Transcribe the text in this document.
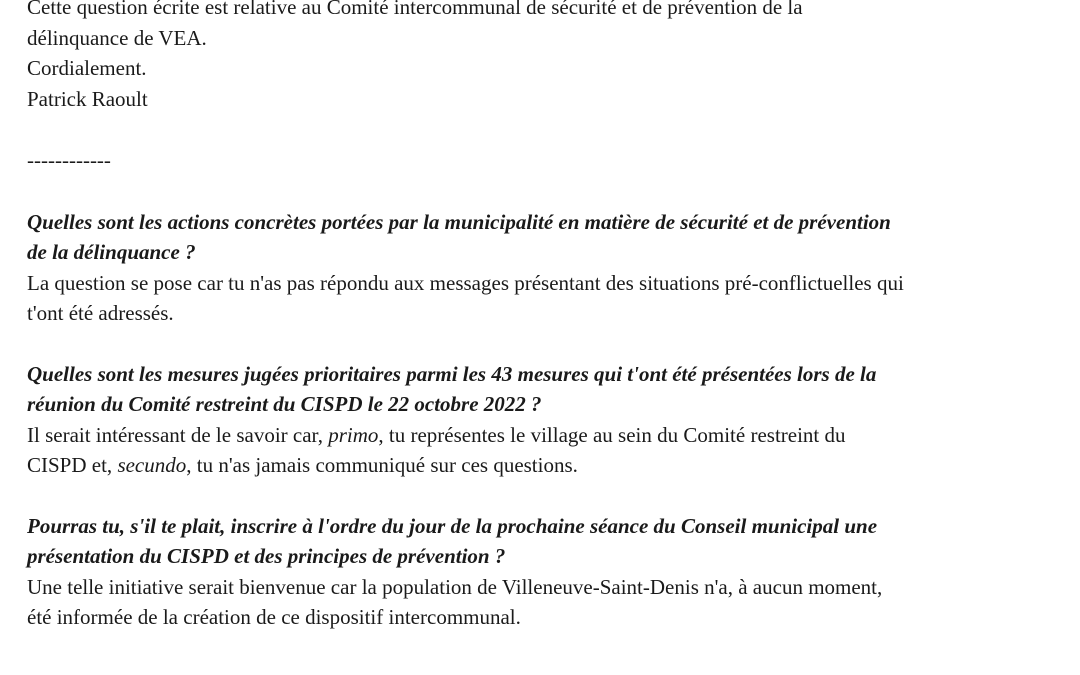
Cette question écrite est relative au Comité intercommunal de sécurité et de prévention de la
délinquance de VEA.
Cordialement.
Patrick Raoult
------------
Quelles sont les actions concrètes portées par la municipalité en matière de sécurité et de prévention
de la délinquance ?
La question se pose car tu n'as pas répondu aux messages présentant des situations pré-conflictuelles qui
t'ont été adressés.
Quelles sont les mesures jugées prioritaires parmi les 43 mesures qui t'ont été présentées lors de la
réunion du Comité restreint du CISPD le 22 octobre 2022 ?
Il serait intéressant de le savoir car, primo, tu représentes le village au sein du Comité restreint du
CISPD et, secundo, tu n'as jamais communiqué sur ces questions.
Pourras tu, s'il te plait, inscrire à l'ordre du jour de la prochaine séance du Conseil municipal une
présentation du CISPD et des principes de prévention ?
Une telle initiative serait bienvenue car la population de Villeneuve-Saint-Denis n'a, à aucun moment,
été informée de la création de ce dispositif intercommunal.
